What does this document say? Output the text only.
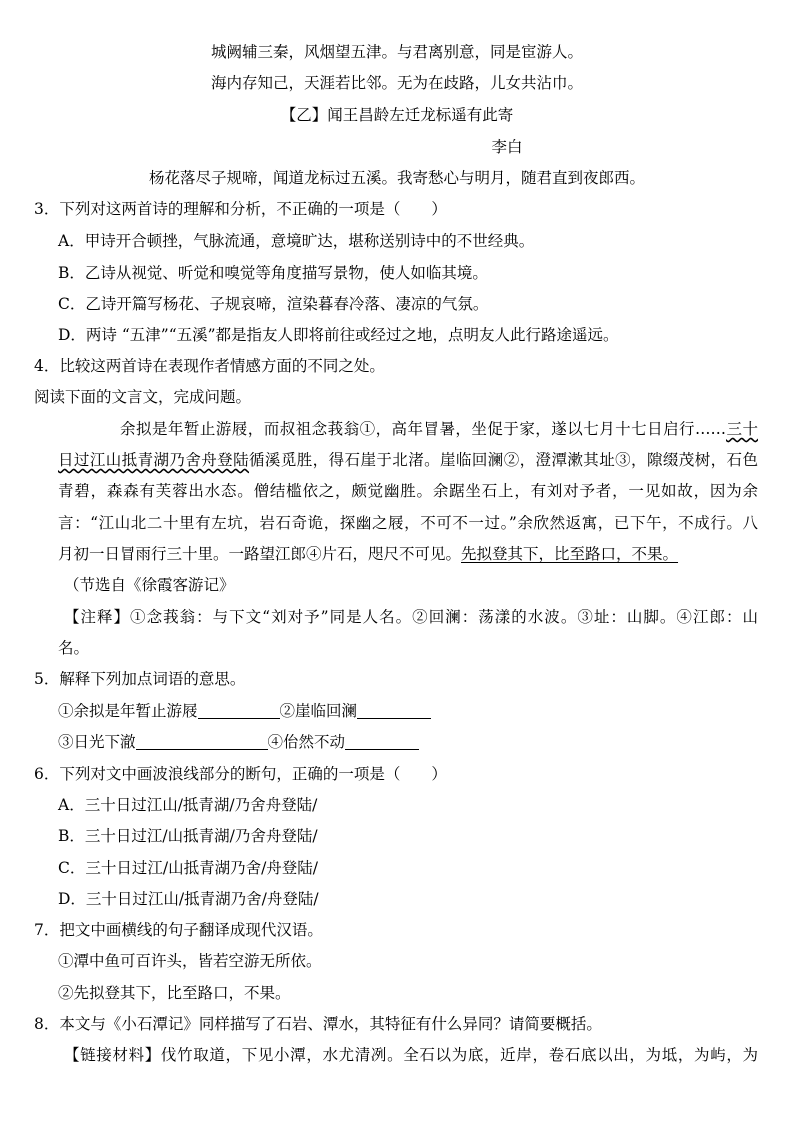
城阙辅三秦，风烟望五津。与君离别意，同是宦游人。
海内存知己，天涯若比邻。无为在歧路，儿女共沾巾。
【乙】闻王昌龄左迁龙标遥有此寄
李白
杨花落尽子规啼，闻道龙标过五溪。我寄愁心与明月，随君直到夜郎西。
3．下列对这两首诗的理解和分析，不正确的一项是（　　）
A．甲诗开合顿挫，气脉流通，意境旷达，堪称送别诗中的不世经典。
B．乙诗从视觉、听觉和嗅觉等角度描写景物，使人如临其境。
C．乙诗开篇写杨花、子规哀啼，渲染暮春冷落、凄凉的气氛。
D．两诗 “五津”“五溪”都是指友人即将前往或经过之地，点明友人此行路途遥远。
4．比较这两首诗在表现作者情感方面的不同之处。
阅读下面的文言文，完成问题。
余拟是年暂止游屐，而叔祖念莪翁①，高年冒暑，坐促于家，遂以七月十七日启行……三十
日过江山抵青湖乃舍舟登陆循溪觅胜，得石崖于北渚。崖临回澜②，澄潭漱其址③，隙缀茂树，石色
青碧，森森有芙蓉出水态。僧结槛依之，颇觉幽胜。余踞坐石上，有刘对予者，一见如故，因为余
言：“江山北二十里有左坑，岩石奇诡，探幽之屐，不可不一过。”余欣然返寓，已下午，不成行。八
月初一日冒雨行三十里。一路望江郎④片石，咫尺不可见。先拟登其下，比至路口，不果。
（节选自《徐霞客游记》
【注释】①念莪翁：与下文“刘对予”同是人名。②回澜：荡漾的水波。③址：山脚。④江郎：山
名。
5．解释下列加点词语的意思。
①余拟是年暂止游屐	②崖临回澜
③日光下澈	④佁然不动
6．下列对文中画波浪线部分的断句，正确的一项是（　　）
A．三十日过江山/抵青湖/乃舍舟登陆/
B．三十日过江/山抵青湖/乃舍舟登陆/
C．三十日过江/山抵青湖乃舍/舟登陆/
D．三十日过江山/抵青湖乃舍/舟登陆/
7．把文中画横线的句子翻译成现代汉语。
①潭中鱼可百许头，皆若空游无所依。
②先拟登其下，比至路口，不果。
8．本文与《小石潭记》同样描写了石岩、潭水，其特征有什么异同？请简要概括。
【链接材料】伐竹取道，下见小潭，水尤清冽。全石以为底，近岸，卷石底以出，为坻，为屿，为
